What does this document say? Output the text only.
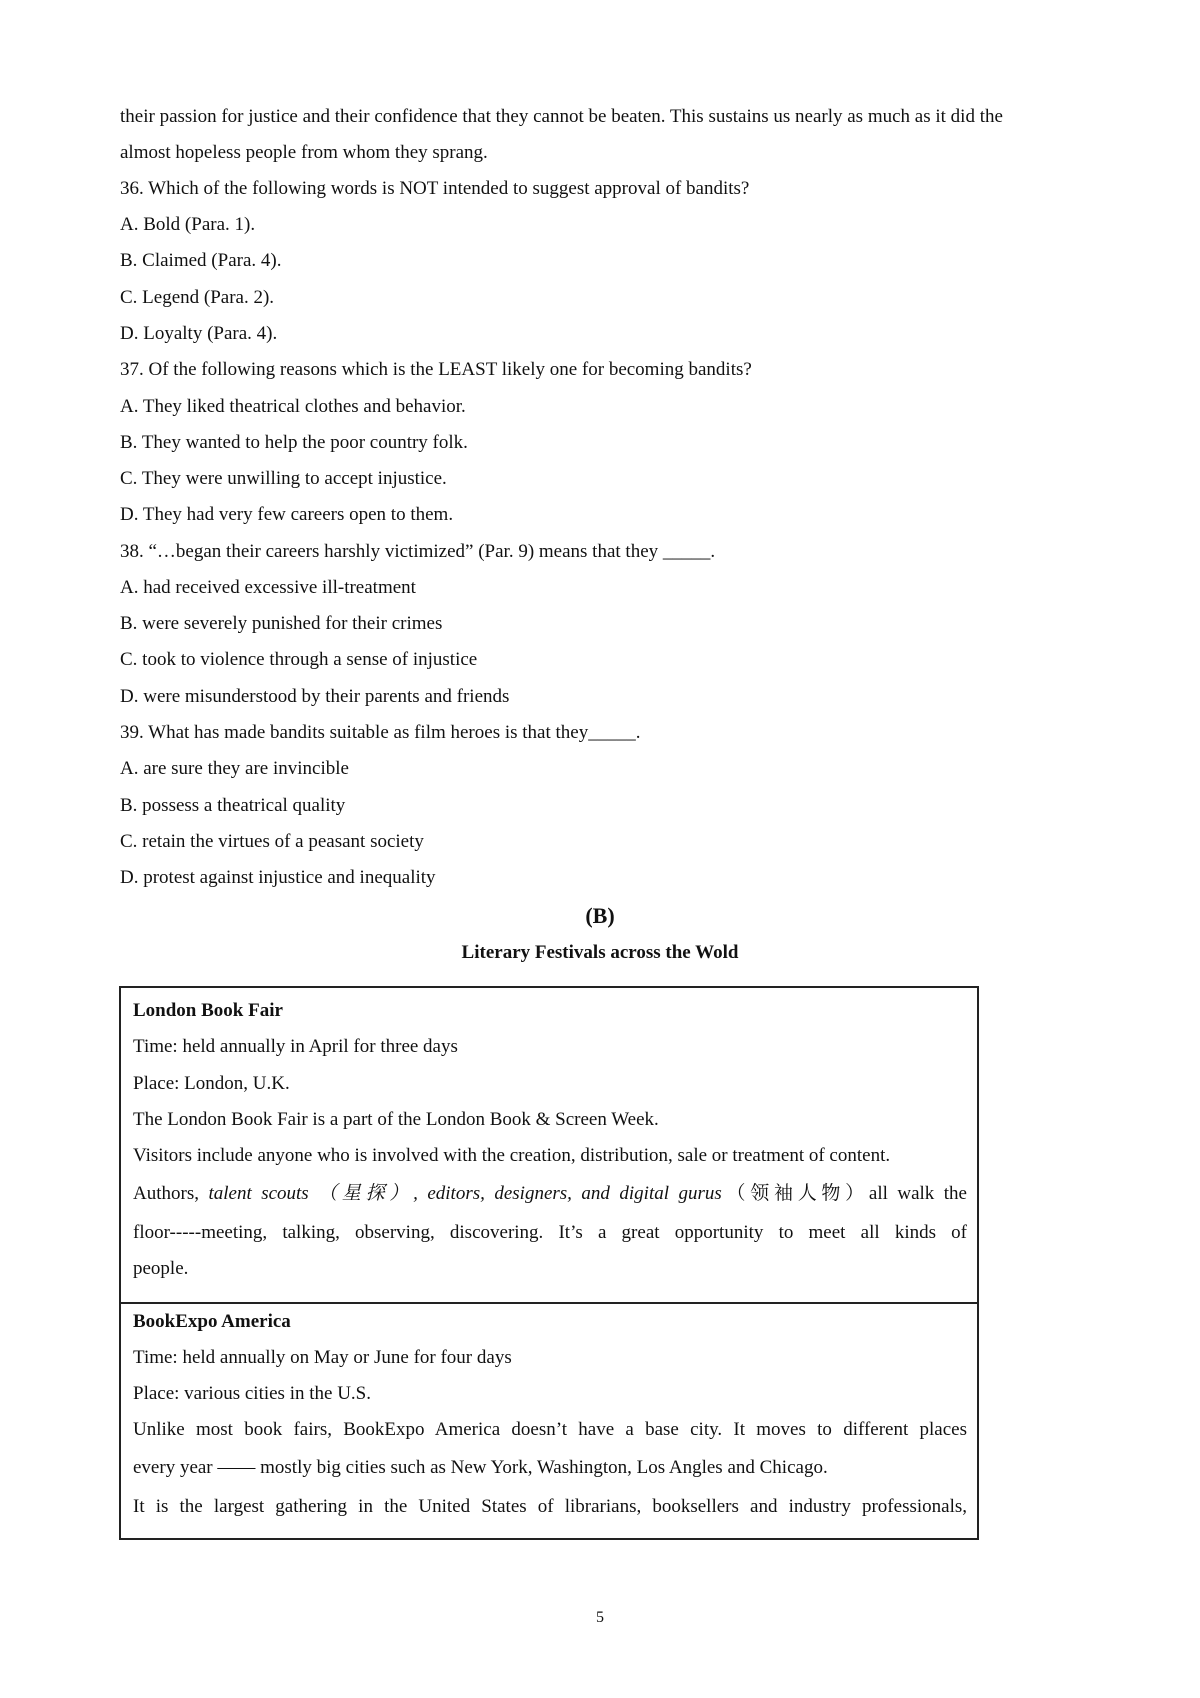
their passion for justice and their confidence that they cannot be beaten. This sustains us nearly as much as it did the
almost hopeless people from whom they sprang.
36. Which of the following words is NOT intended to suggest approval of bandits?
A. Bold (Para. 1).
B. Claimed (Para. 4).
C. Legend (Para. 2).
D. Loyalty (Para. 4).
37. Of the following reasons which is the LEAST likely one for becoming bandits?
A. They liked theatrical clothes and behavior.
B. They wanted to help the poor country folk.
C. They were unwilling to accept injustice.
D. They had very few careers open to them.
38. “…began their careers harshly victimized” (Par. 9) means that they _____.
A. had received excessive ill-treatment
B. were severely punished for their crimes
C. took to violence through a sense of injustice
D. were misunderstood by their parents and friends
39. What has made bandits suitable as film heroes is that they_____.
A. are sure they are invincible
B. possess a theatrical quality
C. retain the virtues of a peasant society
D. protest against injustice and inequality
(B)
Literary Festivals across the Wold
London Book Fair
Time: held annually in April for three days
Place: London, U.K.
The London Book Fair is a part of the London Book & Screen Week.
Visitors include anyone who is involved with the creation, distribution, sale or treatment of content.
Authors, talent scouts （星探）, editors, designers, and digital gurus（领袖人物）all walk the
floor-----meeting, talking, observing, discovering. It’s a great opportunity to meet all kinds of
people.
BookExpo America
Time: held annually on May or June for four days
Place: various cities in the U.S.
Unlike most book fairs, BookExpo America doesn’t have a base city. It moves to different places
every year —— mostly big cities such as New York, Washington, Los Angles and Chicago.
It is the largest gathering in the United States of librarians, booksellers and industry professionals,
5
